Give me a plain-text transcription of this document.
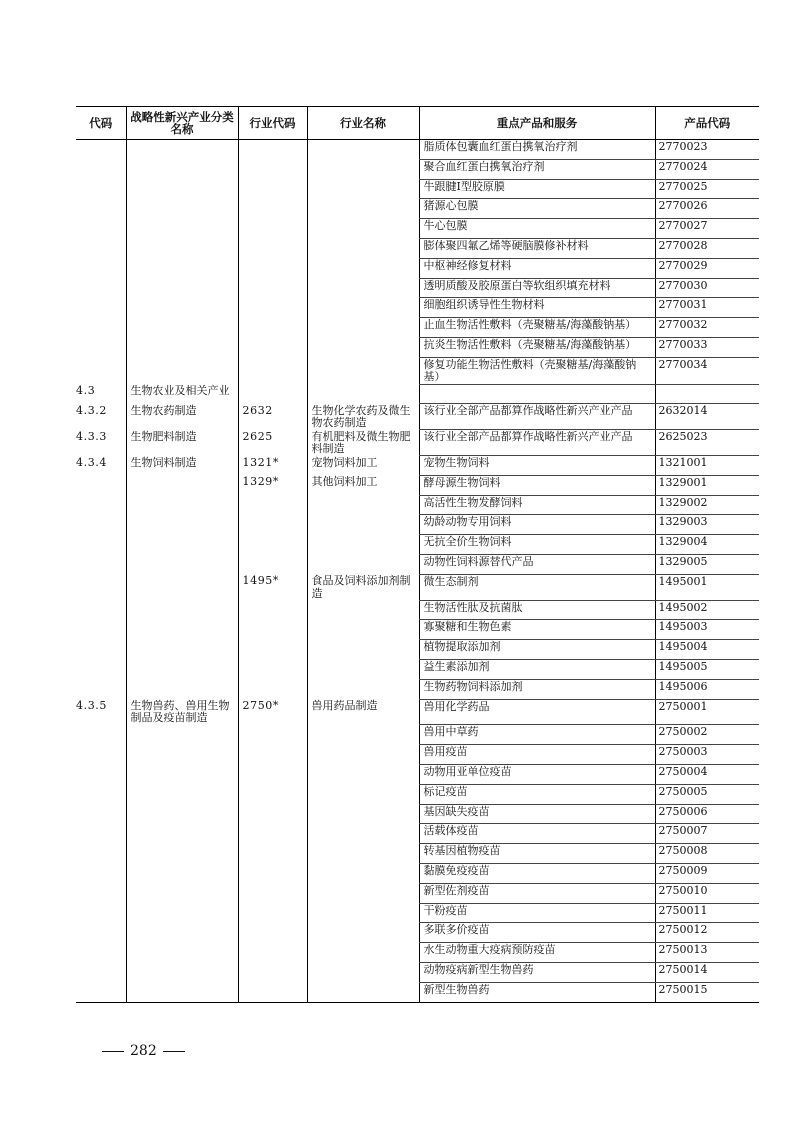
代码	战略性新兴产业分类名称	行业代码	行业名称	重点产品和服务	产品代码
				脂质体包囊血红蛋白携氧治疗剂	2770023
				聚合血红蛋白携氧治疗剂	2770024
				牛跟腱Ⅰ型胶原膜	2770025
				猪源心包膜	2770026
				牛心包膜	2770027
				膨体聚四氟乙烯等硬脑膜修补材料	2770028
				中枢神经修复材料	2770029
				透明质酸及胶原蛋白等软组织填充材料	2770030
				细胞组织诱导性生物材料	2770031
				止血生物活性敷料（壳聚糖基/海藻酸钠基）	2770032
				抗炎生物活性敷料（壳聚糖基/海藻酸钠基）	2770033
				修复功能生物活性敷料（壳聚糖基/海藻酸钠基）	2770034
4.3	生物农业及相关产业				
4.3.2	生物农药制造	2632	生物化学农药及微生物农药制造	该行业全部产品都算作战略性新兴产业产品	2632014
4.3.3	生物肥料制造	2625	有机肥料及微生物肥料制造	该行业全部产品都算作战略性新兴产业产品	2625023
4.3.4	生物饲料制造	1321*	宠物饲料加工	宠物生物饲料	1321001
		1329*	其他饲料加工	酵母源生物饲料	1329001
				高活性生物发酵饲料	1329002
				幼龄动物专用饲料	1329003
				无抗全价生物饲料	1329004
				动物性饲料源替代产品	1329005
		1495*	食品及饲料添加剂制造	微生态制剂	1495001
				生物活性肽及抗菌肽	1495002
				寡聚糖和生物色素	1495003
				植物提取添加剂	1495004
				益生素添加剂	1495005
				生物药物饲料添加剂	1495006
4.3.5	生物兽药、兽用生物制品及疫苗制造	2750*	兽用药品制造	兽用化学药品	2750001
				兽用中草药	2750002
				兽用疫苗	2750003
				动物用亚单位疫苗	2750004
				标记疫苗	2750005
				基因缺失疫苗	2750006
				活载体疫苗	2750007
				转基因植物疫苗	2750008
				黏膜免疫疫苗	2750009
				新型佐剂疫苗	2750010
				干粉疫苗	2750011
				多联多价疫苗	2750012
				水生动物重大疫病预防疫苗	2750013
				动物疫病新型生物兽药	2750014
				新型生物兽药	2750015
282
